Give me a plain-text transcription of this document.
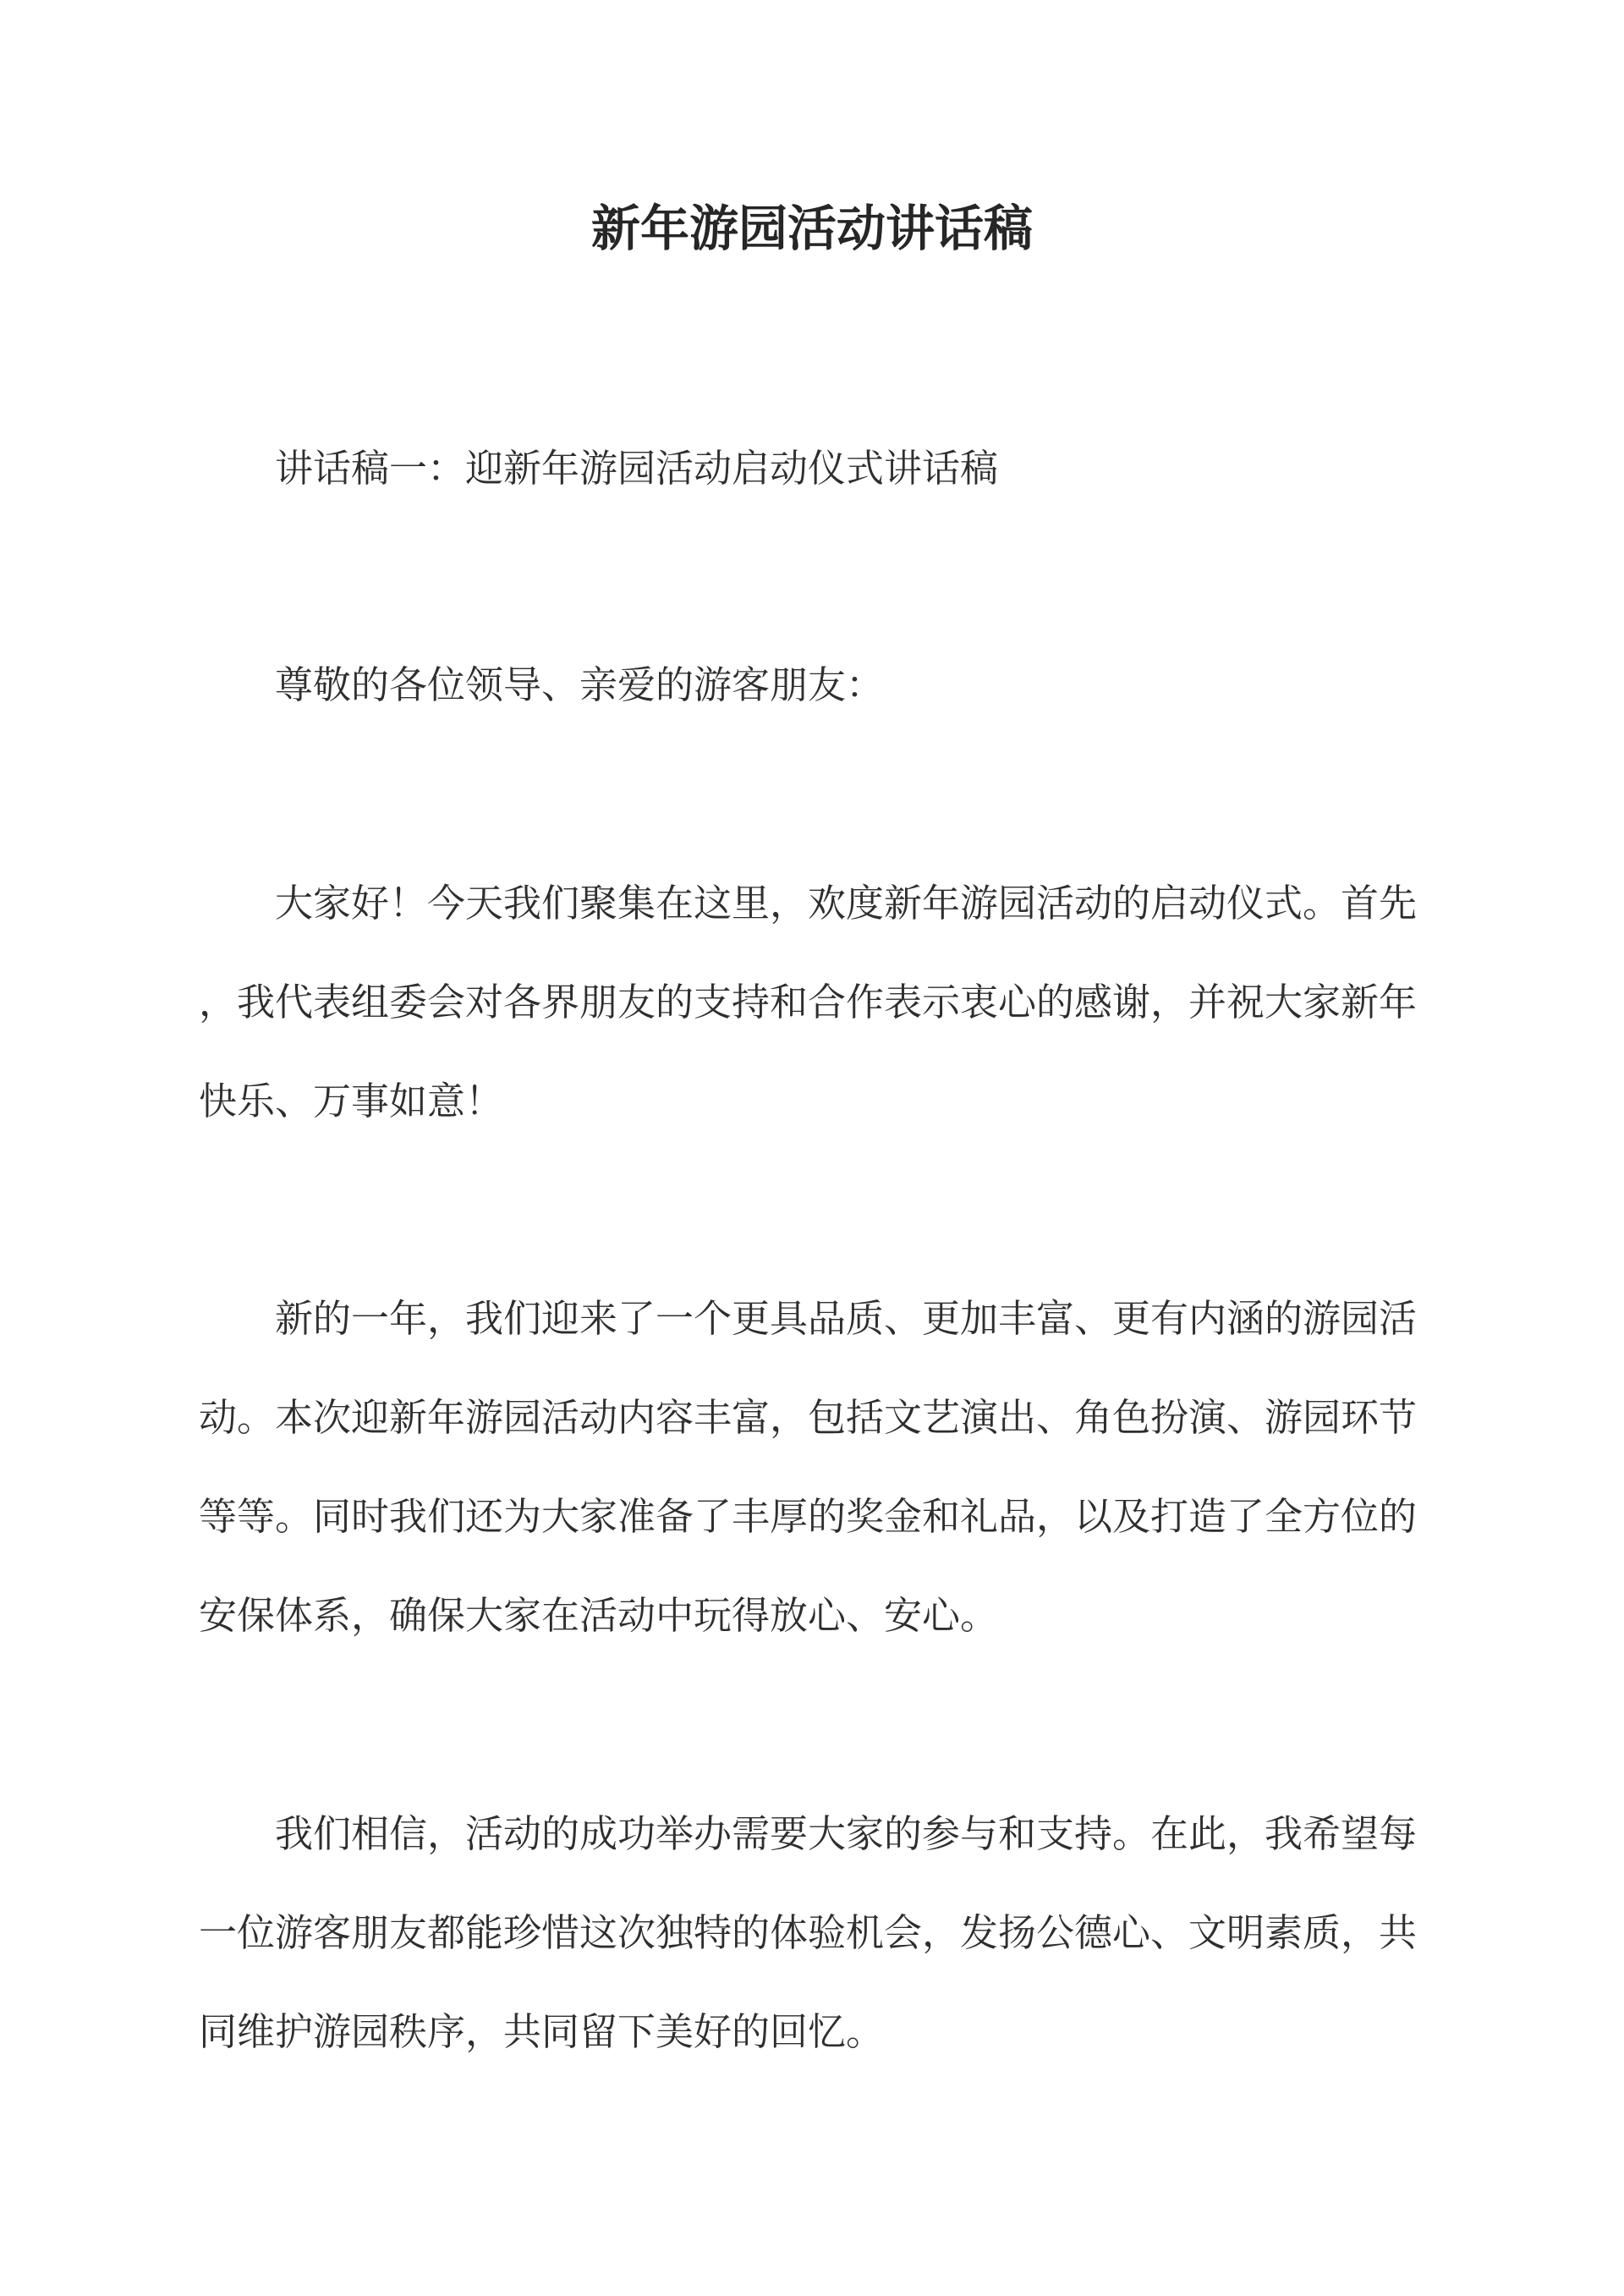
新年游园活动讲话稿
讲话稿一：迎新年游园活动启动仪式讲话稿
尊敬的各位领导、亲爱的游客朋友：
大家好！今天我们聚集在这里，欢度新年游园活动的启动仪式。首先
，我代表组委会对各界朋友的支持和合作表示衷心的感谢，并祝大家新年
快乐、万事如意！
新的一年，我们迎来了一个更具品质、更加丰富、更有内涵的游园活
动。本次迎新年游园活动内容丰富，包括文艺演出、角色扮演、游园环节
等等。同时我们还为大家准备了丰厚的奖金和礼品，以及打造了全方位的
安保体系，确保大家在活动中玩得放心、安心。
我们相信，活动的成功举办需要大家的参与和支持。在此，我希望每
一位游客朋友都能珍惜这次独特的体验机会，发扬公德心、文明素质，共
同维护游园秩序，共同留下美好的回忆。
